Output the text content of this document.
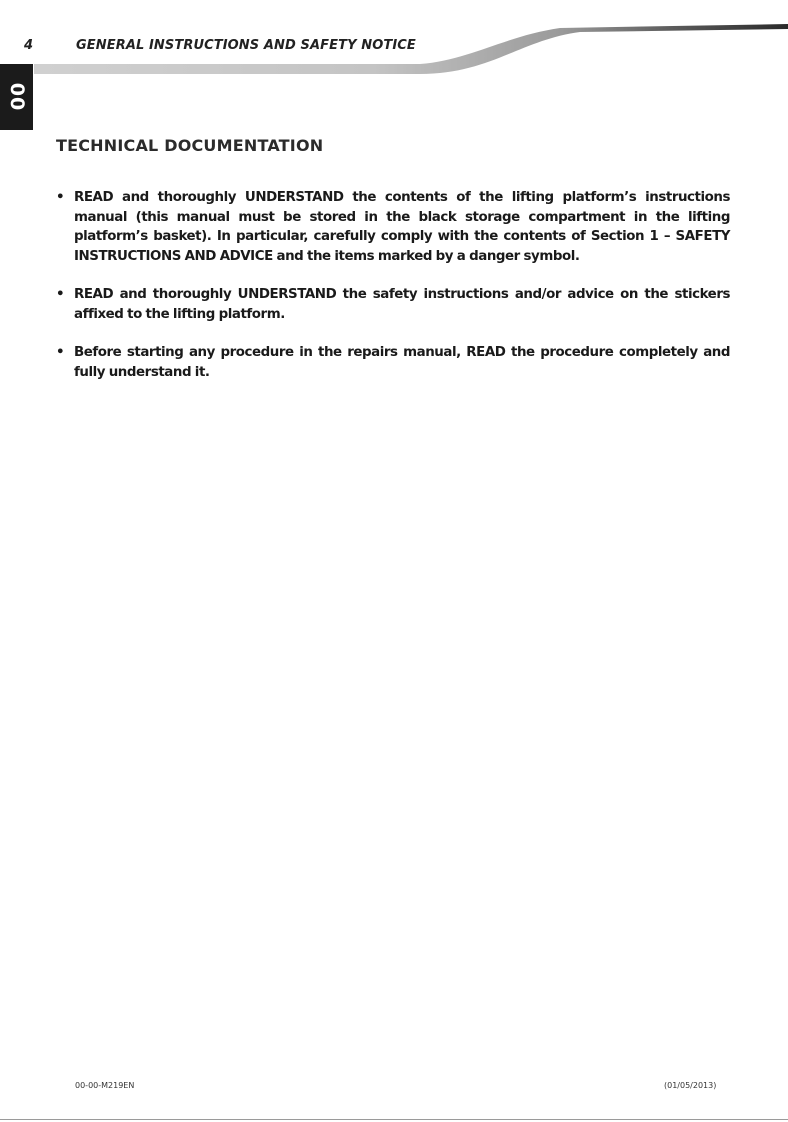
4	GENERAL INSTRUCTIONS AND SAFETY NOTICE
00
TECHNICAL DOCUMENTATION
• READ and thoroughly UNDERSTAND the contents of the lifting platform’s instructions manual (this manual must be stored in the black storage compartment in the lifting platform’s basket). In particular, carefully comply with the contents of Section 1 – SAFETY INSTRUCTIONS AND ADVICE and the items marked by a danger symbol.
• READ and thoroughly UNDERSTAND the safety instructions and/or advice on the stickers affixed to the lifting platform.
• Before starting any procedure in the repairs manual, READ the procedure completely and fully understand it.
00-00-M219EN	(01/05/2013)
